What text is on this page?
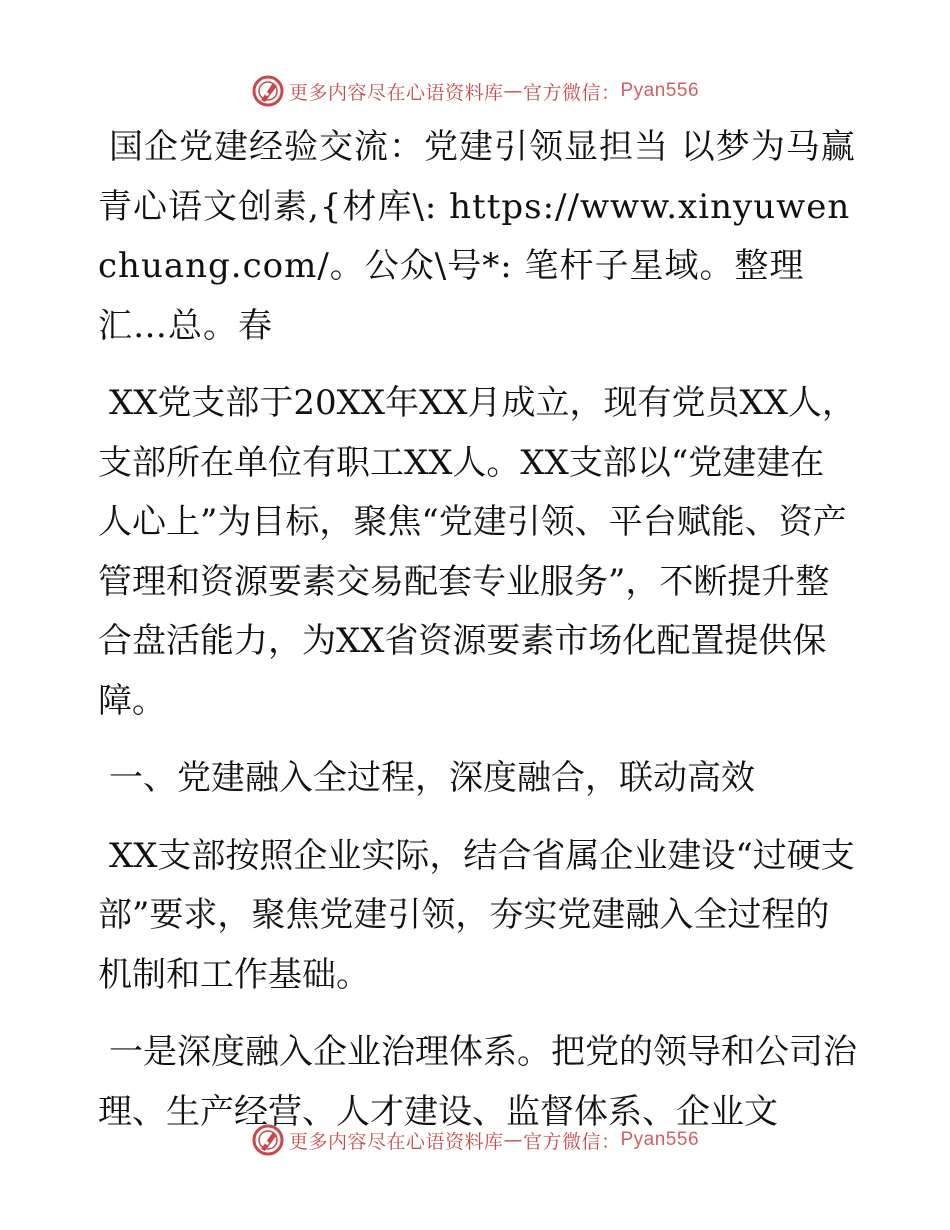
更多内容尽在心语资料库 — 官方微信： Pyan556

国企党建经验交流：党建引领显担当 以梦为马赢青心语文创素,{材库\: https://www.xinyuwenchuang.com/。公众\号*: 笔杆子星域。整理汇…总。春

XX党支部于20XX年XX月成立，现有党员XX人，支部所在单位有职工XX人。XX支部以“党建建在人心上”为目标，聚焦“党建引领、平台赋能、资产管理和资源要素交易配套专业服务”，不断提升整合盘活能力，为XX省资源要素市场化配置提供保障。

一、党建融入全过程，深度融合，联动高效

XX支部按照企业实际，结合省属企业建设“过硬支部”要求，聚焦党建引领，夯实党建融入全过程的机制和工作基础。

一是深度融入企业治理体系。把党的领导和公司治理、生产经营、人才建设、监督体系、企业文

更多内容尽在心语资料库 — 官方微信： Pyan556
